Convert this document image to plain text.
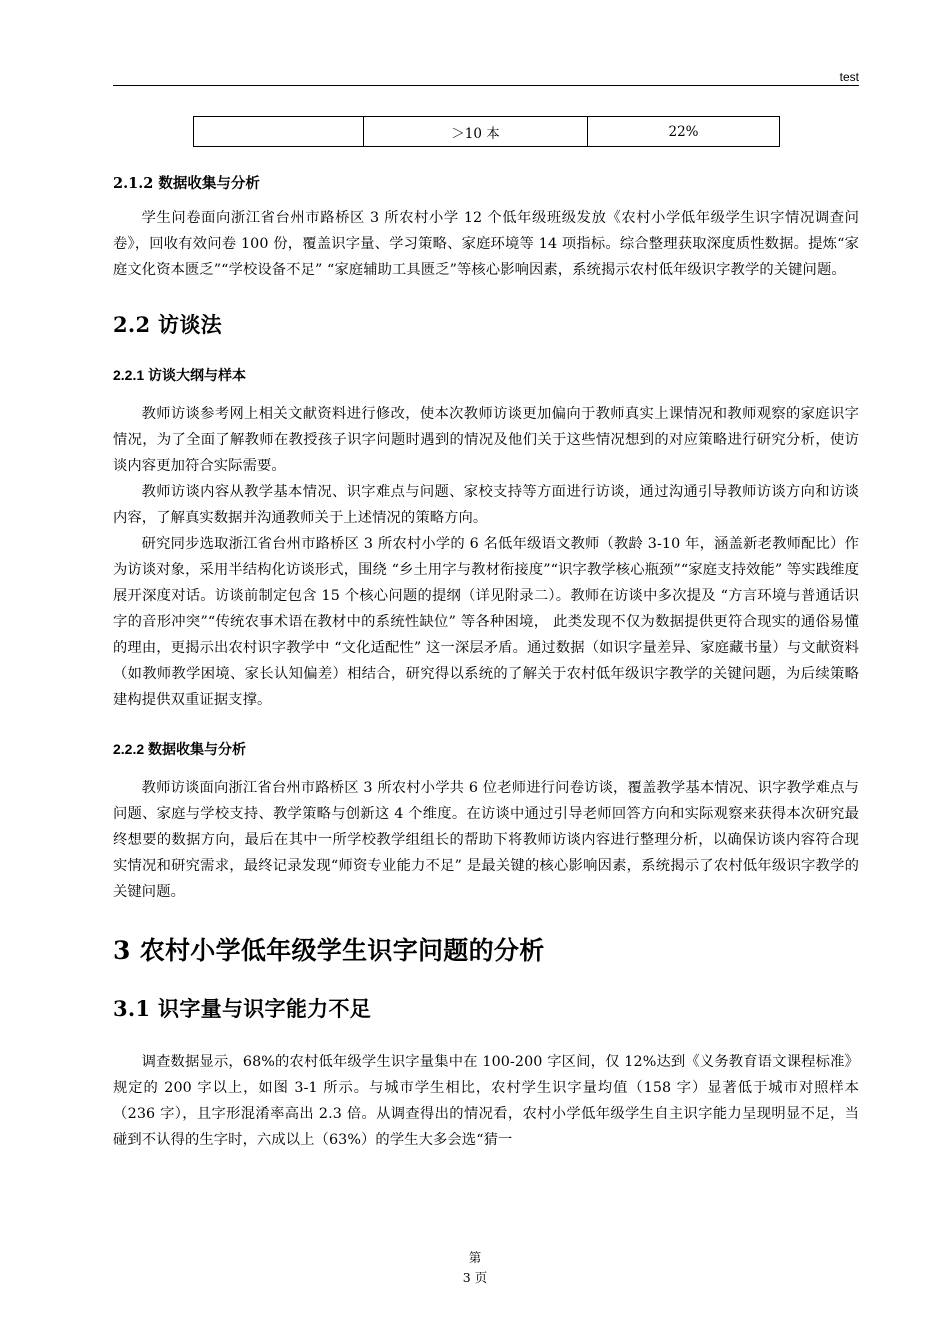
test
	＞10 本	22%
2.1.2 数据收集与分析

学生问卷面向浙江省台州市路桥区 3 所农村小学 12 个低年级班级发放《农村小学低年级学生识字情况调查问卷》，回收有效问卷 100 份，覆盖识字量、学习策略、家庭环境等 14 项指标。综合整理获取深度质性数据。提炼“家庭文化资本匮乏”“学校设备不足” “家庭辅助工具匮乏”等核心影响因素，系统揭示农村低年级识字教学的关键问题。

2.2 访谈法
2.2.1 访谈大纲与样本

教师访谈参考网上相关文献资料进行修改，使本次教师访谈更加偏向于教师真实上课情况和教师观察的家庭识字情况，为了全面了解教师在教授孩子识字问题时遇到的情况及他们关于这些情况想到的对应策略进行研究分析，使访谈内容更加符合实际需要。

教师访谈内容从教学基本情况、识字难点与问题、家校支持等方面进行访谈，通过沟通引导教师访谈方向和访谈内容，了解真实数据并沟通教师关于上述情况的策略方向。

研究同步选取浙江省台州市路桥区 3 所农村小学的 6 名低年级语文教师（教龄 3-10 年，涵盖新老教师配比）作为访谈对象，采用半结构化访谈形式，围绕 “乡土用字与教材衔接度”“识字教学核心瓶颈”“家庭支持效能” 等实践维度展开深度对话。访谈前制定包含 15 个核心问题的提纲（详见附录二）。教师在访谈中多次提及 “方言环境与普通话识字的音形冲突”“传统农事术语在教材中的系统性缺位” 等各种困境， 此类发现不仅为数据提供更符合现实的通俗易懂的理由，更揭示出农村识字教学中 “文化适配性” 这一深层矛盾。通过数据（如识字量差异、家庭藏书量）与文献资料（如教师教学困境、家长认知偏差）相结合，研究得以系统的了解关于农村低年级识字教学的关键问题，为后续策略建构提供双重证据支撑。

2.2.2 数据收集与分析

教师访谈面向浙江省台州市路桥区 3 所农村小学共 6 位老师进行问卷访谈，覆盖教学基本情况、识字教学难点与问题、家庭与学校支持、教学策略与创新这 4 个维度。在访谈中通过引导老师回答方向和实际观察来获得本次研究最终想要的数据方向，最后在其中一所学校教学组组长的帮助下将教师访谈内容进行整理分析，以确保访谈内容符合现实情况和研究需求，最终记录发现“师资专业能力不足” 是最关键的核心影响因素，系统揭示了农村低年级识字教学的关键问题。

3 农村小学低年级学生识字问题的分析
3.1 识字量与识字能力不足

调查数据显示，68%的农村低年级学生识字量集中在 100-200 字区间，仅 12%达到《义务教育语文课程标准》规定的 200 字以上，如图 3-1 所示。与城市学生相比，农村学生识字量均值（158 字）显著低于城市对照样本（236 字），且字形混淆率高出 2.3 倍。从调查得出的情况看，农村小学低年级学生自主识字能力呈现明显不足，当碰到不认得的生字时，六成以上（63%）的学生大多会选“猜一

第
3 页
